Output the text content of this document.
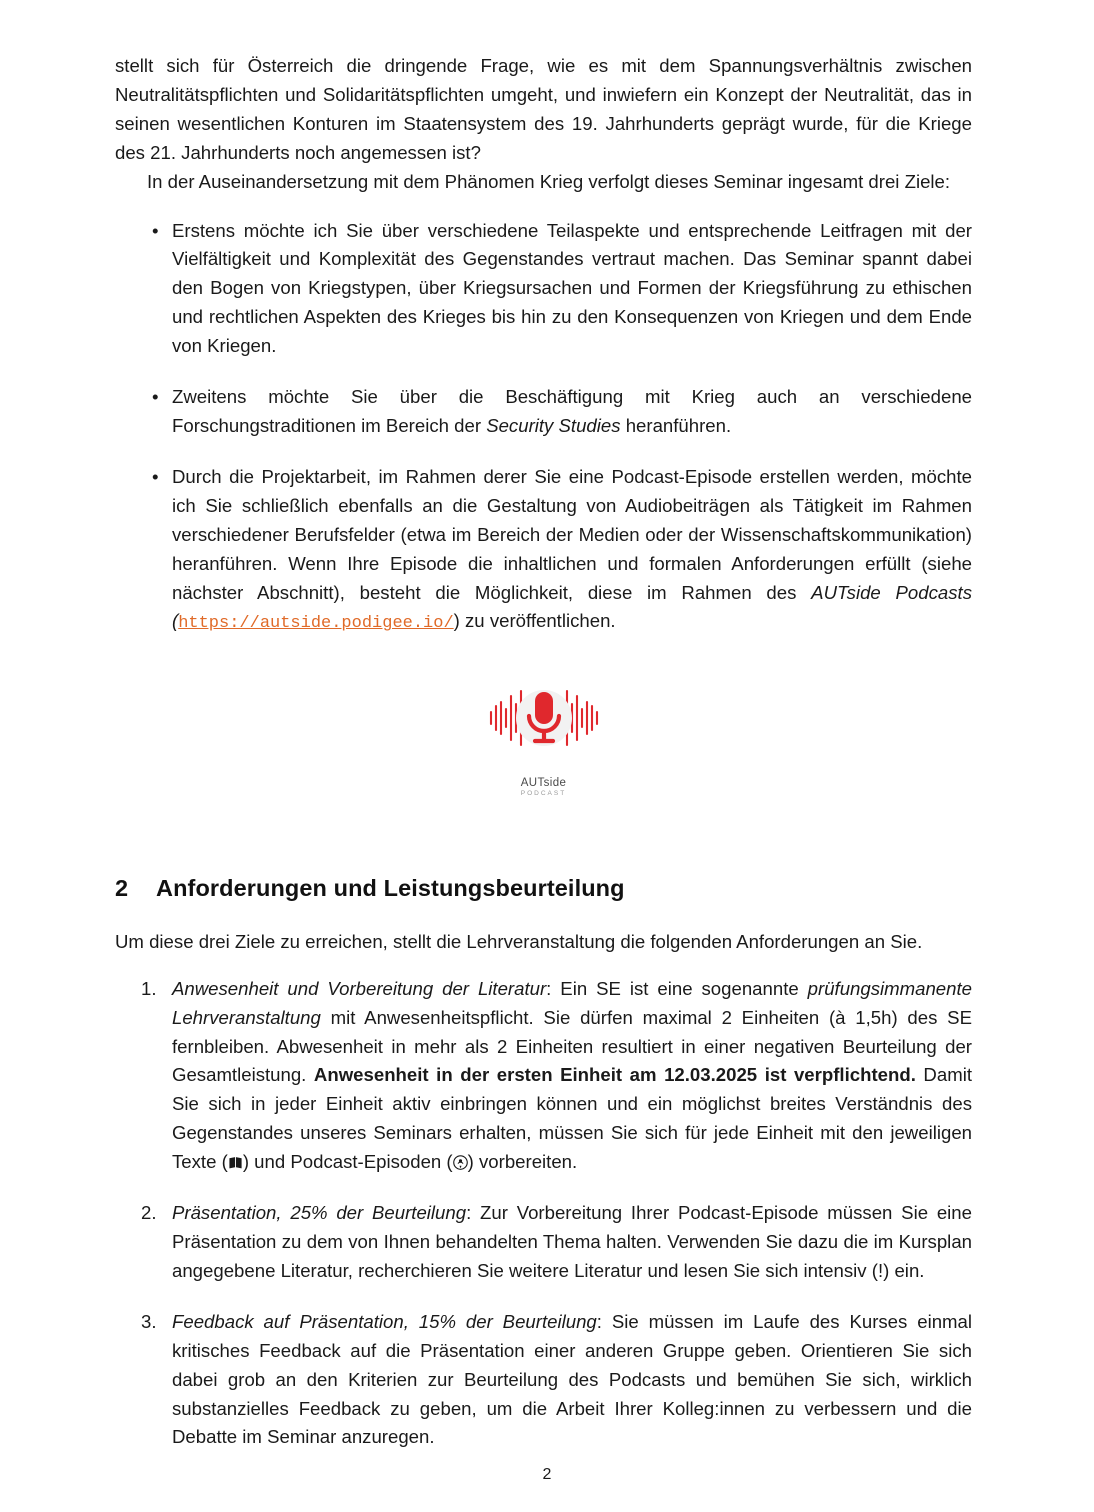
stellt sich für Österreich die dringende Frage, wie es mit dem Spannungsverhältnis zwischen Neutralitätspflichten und Solidaritätspflichten umgeht, und inwiefern ein Konzept der Neutralität, das in seinen wesentlichen Konturen im Staatensystem des 19. Jahrhunderts geprägt wurde, für die Kriege des 21. Jahrhunderts noch angemessen ist?

In der Auseinandersetzung mit dem Phänomen Krieg verfolgt dieses Seminar ingesamt drei Ziele:

• Erstens möchte ich Sie über verschiedene Teilaspekte und entsprechende Leitfragen mit der Vielfältigkeit und Komplexität des Gegenstandes vertraut machen. Das Seminar spannt dabei den Bogen von Kriegstypen, über Kriegsursachen und Formen der Kriegsführung zu ethischen und rechtlichen Aspekten des Krieges bis hin zu den Konsequenzen von Kriegen und dem Ende von Kriegen.
• Zweitens möchte Sie über die Beschäftigung mit Krieg auch an verschiedene Forschungstraditionen im Bereich der Security Studies heranführen.
• Durch die Projektarbeit, im Rahmen derer Sie eine Podcast-Episode erstellen werden, möchte ich Sie schließlich ebenfalls an die Gestaltung von Audiobeiträgen als Tätigkeit im Rahmen verschiedener Berufsfelder (etwa im Bereich der Medien oder der Wissenschaftskommunikation) heranführen. Wenn Ihre Episode die inhaltlichen und formalen Anforderungen erfüllt (siehe nächster Abschnitt), besteht die Möglichkeit, diese im Rahmen des AUTside Podcasts (https://autside.podigee.io/) zu veröffentlichen.
AUTside
PODCAST
2 Anforderungen und Leistungsbeurteilung

Um diese drei Ziele zu erreichen, stellt die Lehrveranstaltung die folgenden Anforderungen an Sie.

Anwesenheit und Vorbereitung der Literatur: Ein SE ist eine sogenannte prüfungsimmanente Lehrveranstaltung mit Anwesenheitspflicht. Sie dürfen maximal 2 Einheiten (à 1,5h) des SE fernbleiben. Abwesenheit in mehr als 2 Einheiten resultiert in einer negativen Beurteilung der Gesamtleistung. Anwesenheit in der ersten Einheit am 12.03.2025 ist verpflichtend. Damit Sie sich in jeder Einheit aktiv einbringen können und ein möglichst breites Verständnis des Gegenstandes unseres Seminars erhalten, müssen Sie sich für jede Einheit mit den jeweiligen Texte ( ) und Podcast-Episoden ( ) vorbereiten.
Präsentation, 25% der Beurteilung: Zur Vorbereitung Ihrer Podcast-Episode müssen Sie eine Präsentation zu dem von Ihnen behandelten Thema halten. Verwenden Sie dazu die im Kursplan angegebene Literatur, recherchieren Sie weitere Literatur und lesen Sie sich intensiv (!) ein.
Feedback auf Präsentation, 15% der Beurteilung: Sie müssen im Laufe des Kurses einmal kritisches Feedback auf die Präsentation einer anderen Gruppe geben. Orientieren Sie sich dabei grob an den Kriterien zur Beurteilung des Podcasts und bemühen Sie sich, wirklich substanzielles Feedback zu geben, um die Arbeit Ihrer Kolleg:innen zu verbessern und die Debatte im Seminar anzuregen.
2
